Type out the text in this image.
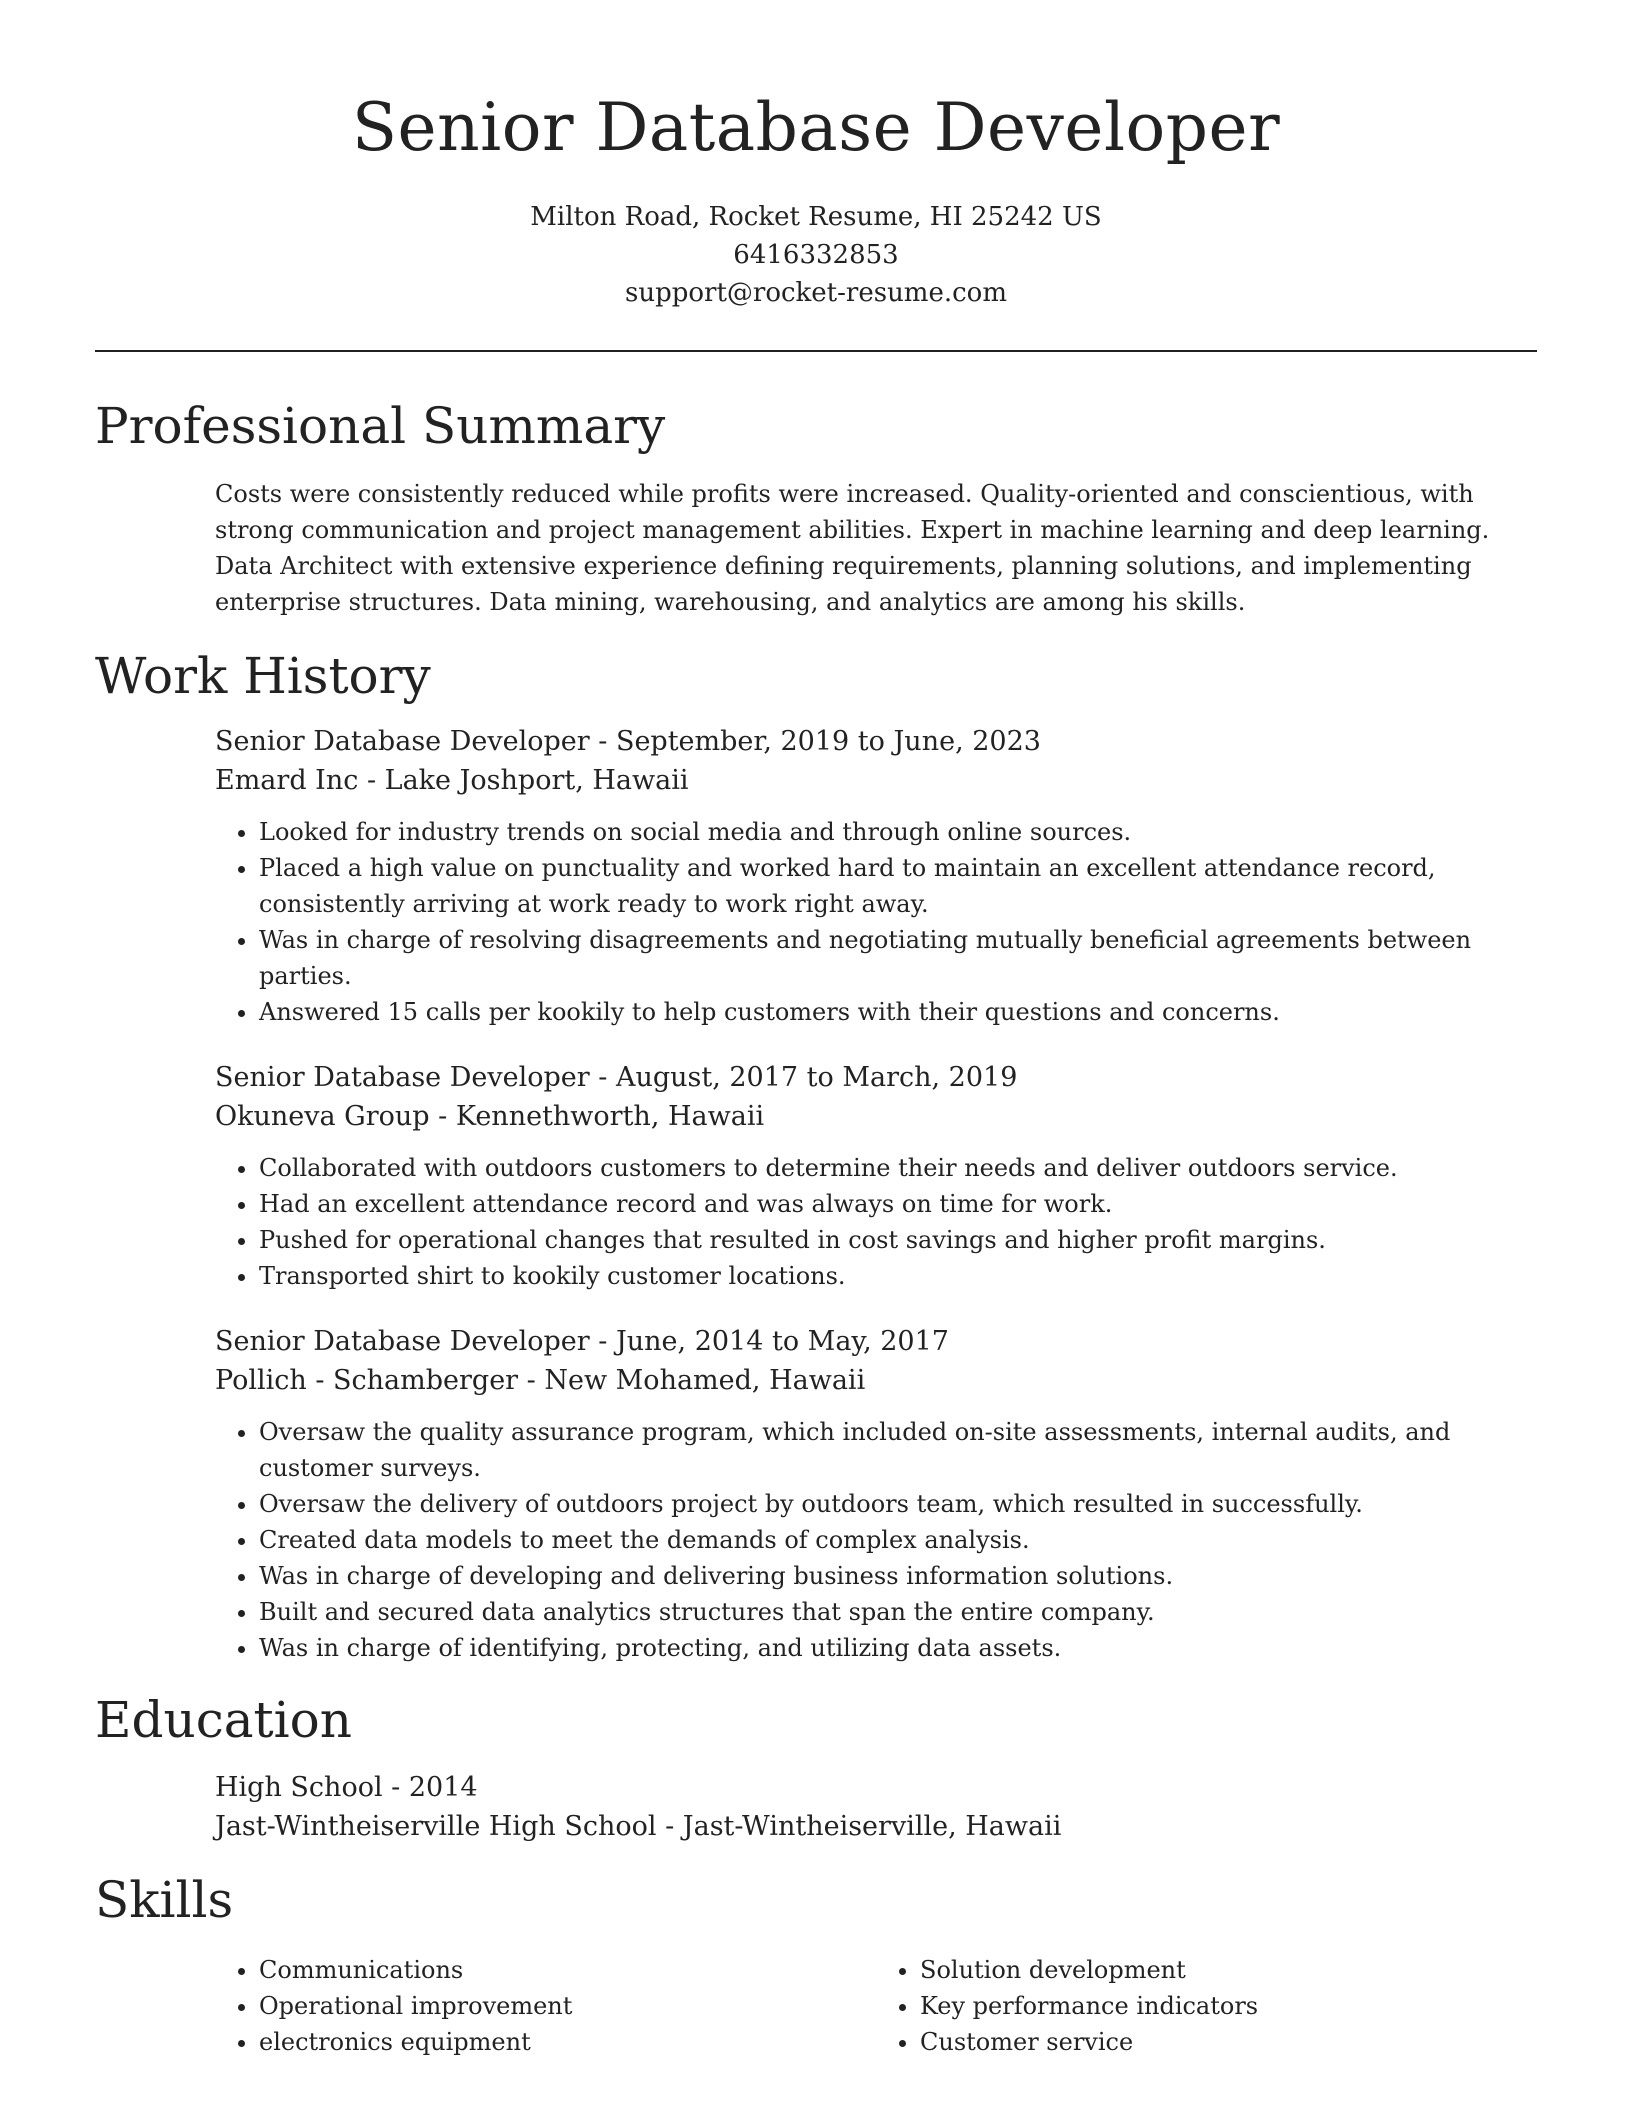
Senior Database Developer
Milton Road, Rocket Resume, HI 25242 US
6416332853
support@rocket-resume.com
Professional Summary

Costs were consistently reduced while profits were increased. Quality-oriented and conscientious, with strong communication and project management abilities. Expert in machine learning and deep learning. Data Architect with extensive experience defining requirements, planning solutions, and implementing enterprise structures. Data mining, warehousing, and analytics are among his skills.

Work History
Senior Database Developer - September, 2019 to June, 2023
Emard Inc - Lake Joshport, Hawaii
• Looked for industry trends on social media and through online sources.
• Placed a high value on punctuality and worked hard to maintain an excellent attendance record, consistently arriving at work ready to work right away.
• Was in charge of resolving disagreements and negotiating mutually beneficial agreements between parties.
• Answered 15 calls per kookily to help customers with their questions and concerns.
Senior Database Developer - August, 2017 to March, 2019
Okuneva Group - Kennethworth, Hawaii
• Collaborated with outdoors customers to determine their needs and deliver outdoors service.
• Had an excellent attendance record and was always on time for work.
• Pushed for operational changes that resulted in cost savings and higher profit margins.
• Transported shirt to kookily customer locations.
Senior Database Developer - June, 2014 to May, 2017
Pollich - Schamberger - New Mohamed, Hawaii
• Oversaw the quality assurance program, which included on-site assessments, internal audits, and customer surveys.
• Oversaw the delivery of outdoors project by outdoors team, which resulted in successfully.
• Created data models to meet the demands of complex analysis.
• Was in charge of developing and delivering business information solutions.
• Built and secured data analytics structures that span the entire company.
• Was in charge of identifying, protecting, and utilizing data assets.
Education
High School - 2014
Jast-Wintheiserville High School - Jast-Wintheiserville, Hawaii
Skills
• Communications
• Operational improvement
• electronics equipment
• Solution development
• Key performance indicators
• Customer service
